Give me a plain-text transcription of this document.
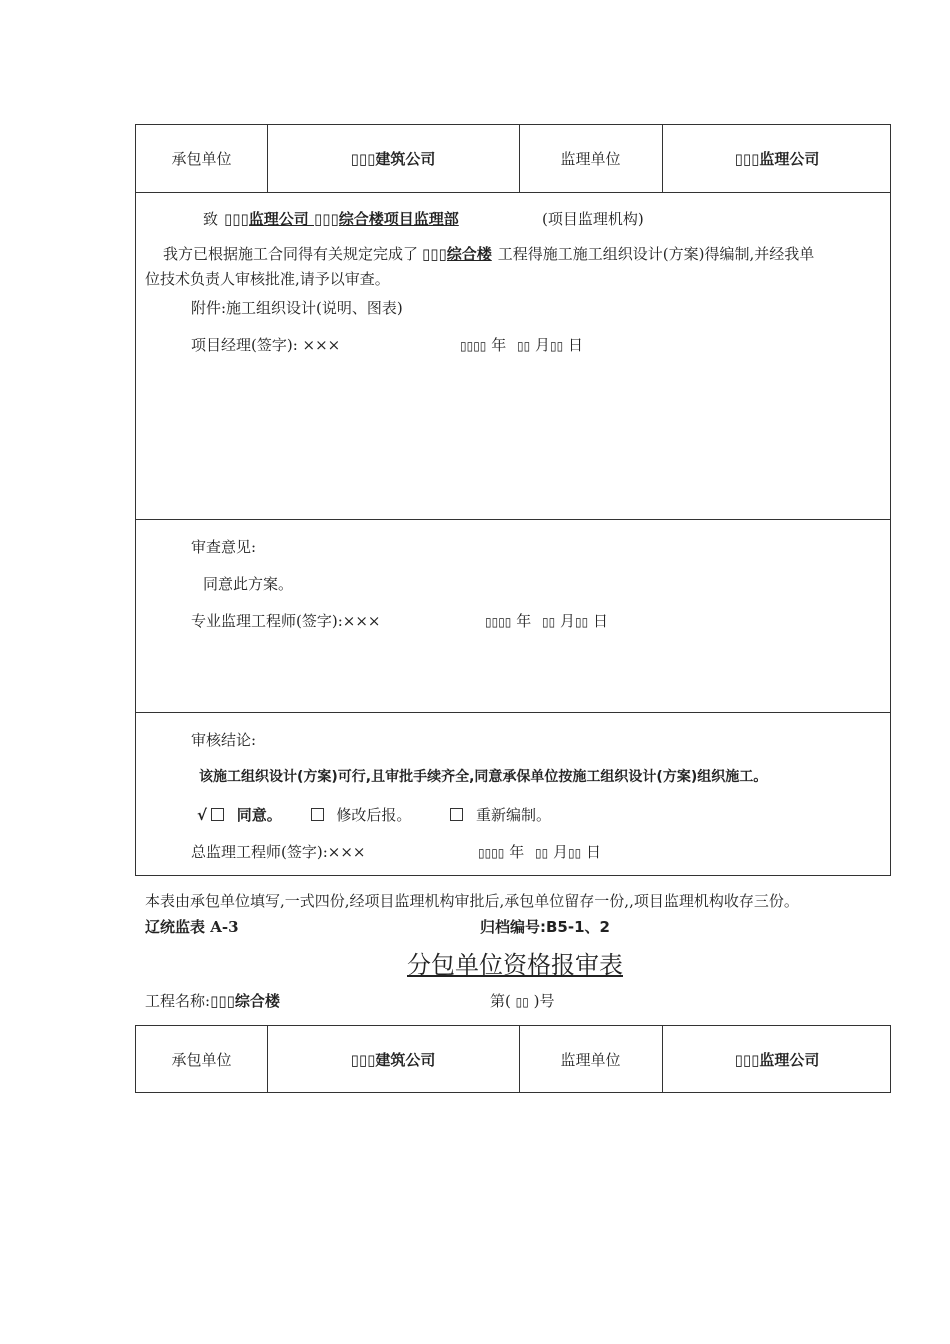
承包单位	▯▯▯建筑公司	监理单位	▯▯▯监理公司
致 ▯▯▯监理公司 ▯▯▯综合楼项目监理部	(项目监理机构)
我方已根据施工合同得有关规定完成了 ▯▯▯综合楼 工程得施工施工组织设计(方案)得编制,并经我单
位技术负责人审核批准,请予以审查。
附件:施工组织设计(说明、图表)
项目经理(签字): ×××	▯▯▯▯ 年 ▯▯ 月▯▯ 日
审查意见:
同意此方案。
专业监理工程师(签字):×××	▯▯▯▯ 年 ▯▯ 月▯▯ 日
审核结论:
该施工组织设计(方案)可行,且审批手续齐全,同意承保单位按施工组织设计(方案)组织施工。
√ 同意。	修改后报。	重新编制。
总监理工程师(签字):×××	▯▯▯▯ 年 ▯▯ 月▯▯ 日
本表由承包单位填写,一式四份,经项目监理机构审批后,承包单位留存一份,,项目监理机构收存三份。
辽统监表 A-3	归档编号:B5-1、2
分包单位资格报审表
工程名称:▯▯▯综合楼	第( ▯▯ )号
承包单位	▯▯▯建筑公司	监理单位	▯▯▯监理公司
